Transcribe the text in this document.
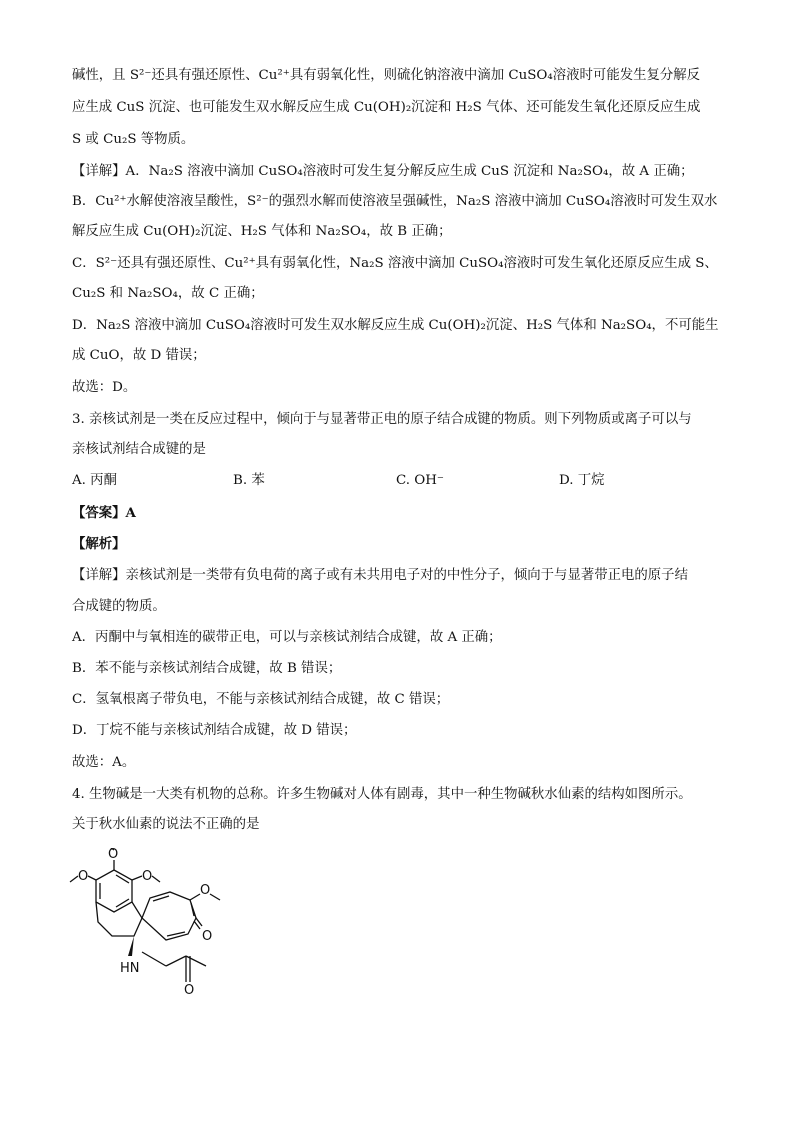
碱性，且 S²⁻还具有强还原性、Cu²⁺具有弱氧化性，则硫化钠溶液中滴加 CuSO₄溶液时可能发生复分解反
应生成 CuS 沉淀、也可能发生双水解反应生成 Cu(OH)₂沉淀和 H₂S 气体、还可能发生氧化还原反应生成
S 或 Cu₂S 等物质。
【详解】A．Na₂S 溶液中滴加 CuSO₄溶液时可发生复分解反应生成 CuS 沉淀和 Na₂SO₄，故 A 正确；
B．Cu²⁺水解使溶液呈酸性，S²⁻的强烈水解而使溶液呈强碱性，Na₂S 溶液中滴加 CuSO₄溶液时可发生双水
解反应生成 Cu(OH)₂沉淀、H₂S 气体和 Na₂SO₄，故 B 正确；
C．S²⁻还具有强还原性、Cu²⁺具有弱氧化性，Na₂S 溶液中滴加 CuSO₄溶液时可发生氧化还原反应生成 S、
Cu₂S 和 Na₂SO₄，故 C 正确；
D．Na₂S 溶液中滴加 CuSO₄溶液时可发生双水解反应生成 Cu(OH)₂沉淀、H₂S 气体和 Na₂SO₄，不可能生
成 CuO，故 D 错误；
故选：D。
3. 亲核试剂是一类在反应过程中，倾向于与显著带正电的原子结合成键的物质。则下列物质或离子可以与
亲核试剂结合成键的是
A. 丙酮	B. 苯	C. OH⁻	D. 丁烷
【答案】A
【解析】
【详解】亲核试剂是一类带有负电荷的离子或有未共用电子对的中性分子，倾向于与显著带正电的原子结
合成键的物质。
A．丙酮中与氧相连的碳带正电，可以与亲核试剂结合成键，故 A 正确；
B．苯不能与亲核试剂结合成键，故 B 错误；
C．氢氧根离子带负电，不能与亲核试剂结合成键，故 C 错误；
D．丁烷不能与亲核试剂结合成键，故 D 错误；
故选：A。
4. 生物碱是一大类有机物的总称。许多生物碱对人体有剧毒，其中一种生物碱秋水仙素的结构如图所示。
关于秋水仙素的说法不正确的是
O
O	O
O
O
HN
O
